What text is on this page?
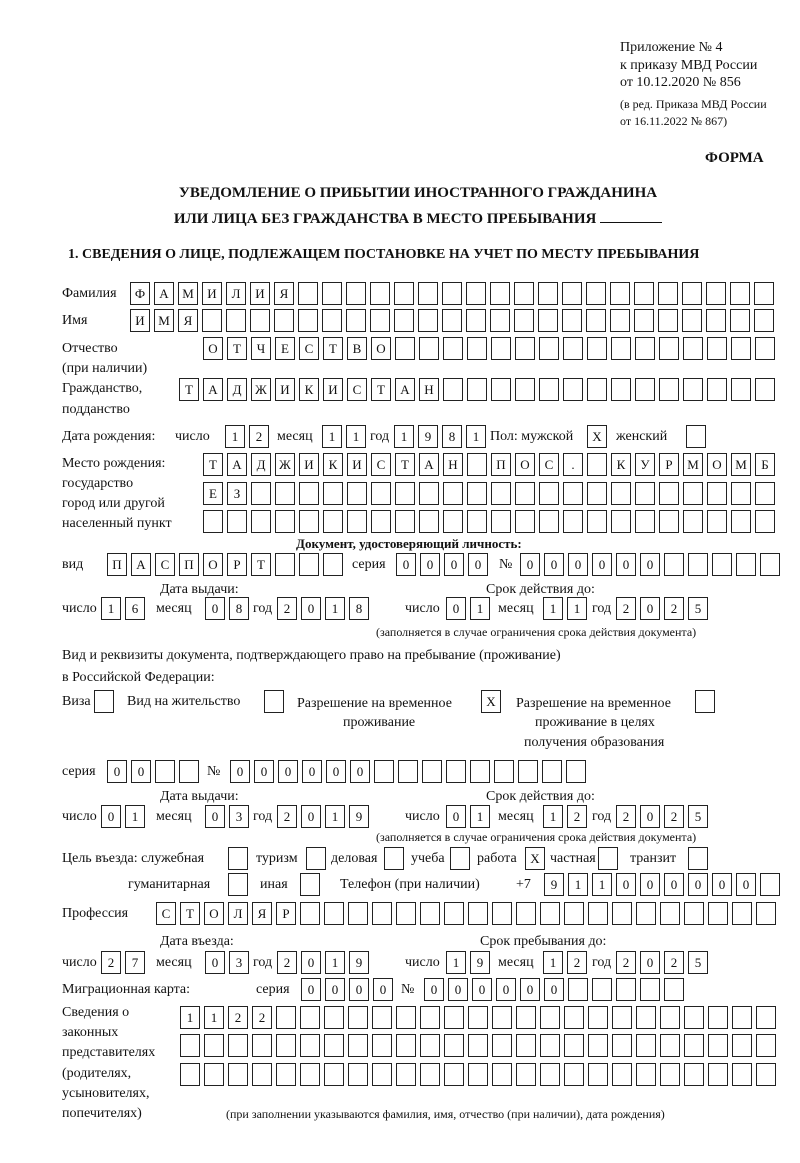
Приложение № 4
к приказу МВД России
от 10.12.2020 № 856
(в ред. Приказа МВД России
от 16.11.2022 № 867)
ФОРМА
УВЕДОМЛЕНИЕ О ПРИБЫТИИ ИНОСТРАННОГО ГРАЖДАНИНА
ИЛИ ЛИЦА БЕЗ ГРАЖДАНСТВА В МЕСТО ПРЕБЫВАНИЯ
1. СВЕДЕНИЯ О ЛИЦЕ, ПОДЛЕЖАЩЕМ ПОСТАНОВКЕ НА УЧЕТ ПО МЕСТУ ПРЕБЫВАНИЯ
Фамилия	Ф	А	М	И	Л	И	Я
Имя	И	М	Я
Отчество
(при наличии)
О	Т	Ч	Е	С	Т	В	О
Гражданство,
подданство
Т	А	Д	Ж	И	К	И	С	Т	А	Н
Дата рождения: число	1	2	месяц	1	1 год 1	9	8	1 Пол: мужской	X	женский
Место рождения:
государство
город или другой
населенный пункт
Т	А	Д	Ж	И	К	И	С	Т	А	Н	П	О	С	.	К	У	Р	М	О	М	Б
Е	З
Документ, удостоверяющий личность:
вид	П	А	С	П	О	Р	Т	серия	0	0	0	0	№	0	0	0	0	0	0
Дата выдачи:	Срок действия до:
число 1	6	месяц	0	8 год 2	0	1	8	число	0	1	месяц	1	1 год 2	0	2	5
(заполняется в случае ограничения срока действия документа)
Вид и реквизиты документа, подтверждающего право на пребывание (проживание)
в Российской Федерации:
Виза	Вид на жительство	Разрешение на временное
проживание
X	Разрешение на временное
проживание в целях
получения образования
серия	0	0	№	0	0	0	0	0	0
Дата выдачи:	Срок действия до:
число 0	1	месяц	0	3 год 2	0	1	9	число	0	1	месяц	1	2 год 2	0	2	5
(заполняется в случае ограничения срока действия документа)
Цель въезда: служебная	туризм деловая учеба работа	X частная транзит
гуманитарная	иная	Телефон (при наличии)	+7	9	1	1	0	0	0	0	0	0
Профессия	С	Т	О	Л	Я	Р
Дата въезда:	Срок пребывания до:
число 2	7	месяц	0	3 год 2	0	1	9	число	1	9	месяц	1	2 год 2	0	2	5
Миграционная карта:	серия	0	0	0	0	№	0	0	0	0	0	0
Сведения о
законных
представителях
(родителях,
усыновителях,
попечителях)
1	1	2	2
(при заполнении указываются фамилия, имя, отчество (при наличии), дата рождения)
